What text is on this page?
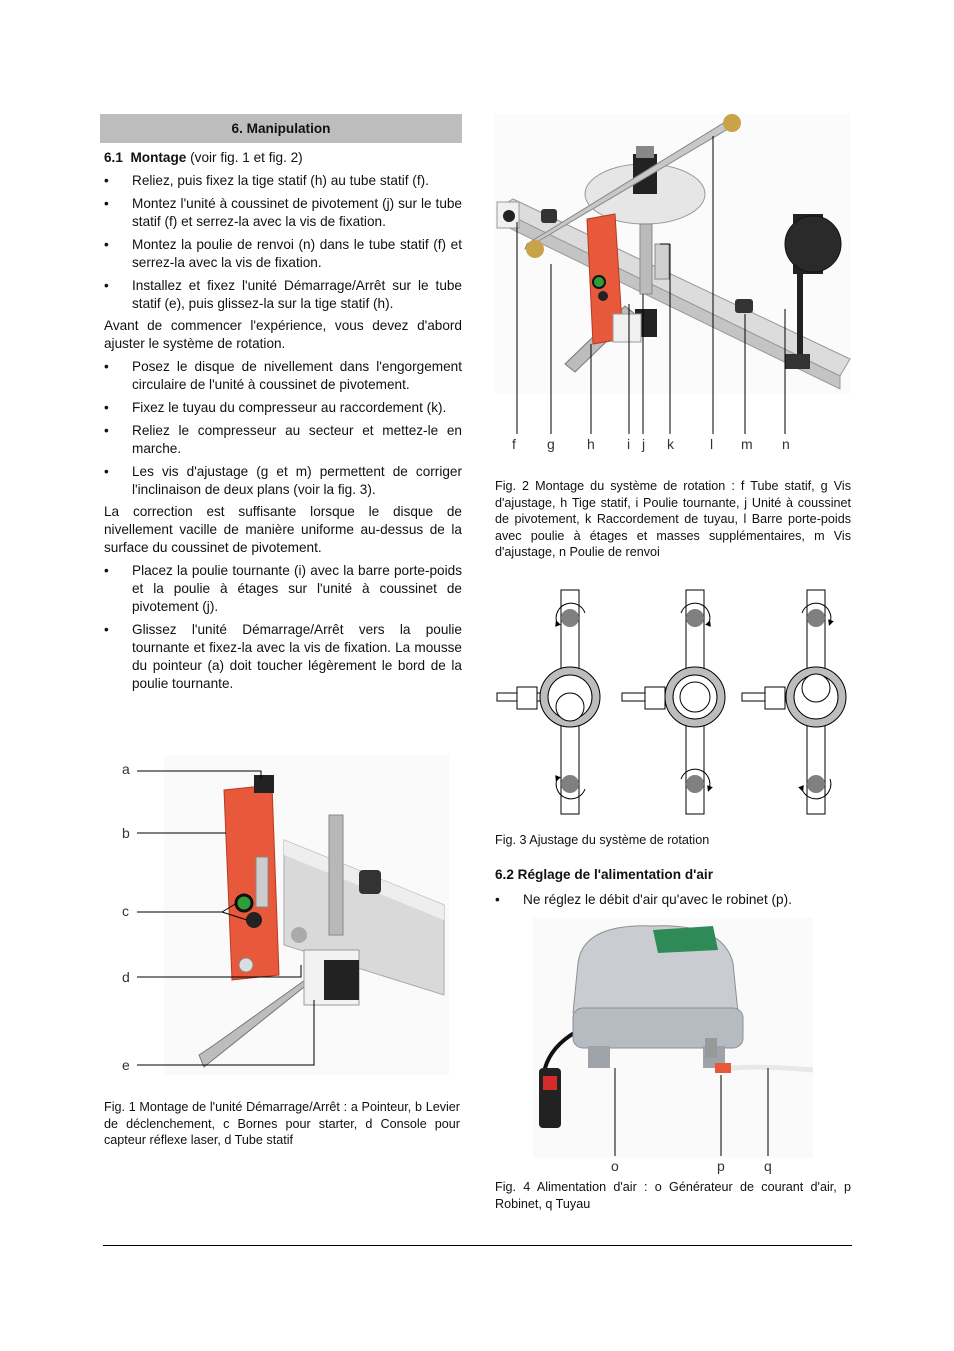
6. Manipulation

6.1 Montage (voir fig. 1 et fig. 2)

• Reliez, puis fixez la tige statif (h) au tube statif (f).
• Montez l'unité à coussinet de pivotement (j) sur le tube statif (f) et serrez-la avec la vis de fixation.
• Montez la poulie de renvoi (n) dans le tube statif (f) et serrez-la avec la vis de fixation.
• Installez et fixez l'unité Démarrage/Arrêt sur le tube statif (e), puis glissez-la sur la tige statif (h).

Avant de commencer l'expérience, vous devez d'abord ajuster le système de rotation.

• Posez le disque de nivellement dans l'engorgement circulaire de l'unité à coussinet de pivotement.
• Fixez le tuyau du compresseur au raccordement (k).
• Reliez le compresseur au secteur et mettez-le en marche.
• Les vis d'ajustage (g et m) permettent de corriger l'inclinaison de deux plans (voir la fig. 3).

La correction est suffisante lorsque le disque de nivellement vacille de manière uniforme au-dessus de la surface du coussinet de pivotement.

• Placez la poulie tournante (i) avec la barre porte-poids et la poulie à étages sur l'unité à coussinet de pivotement (j).
• Glissez l'unité Démarrage/Arrêt vers la poulie tournante et fixez-la avec la vis de fixation. La mousse du pointeur (a) doit toucher légèrement le bord de la poulie tournante.
a
b
c
d
e

Fig. 1 Montage de l'unité Démarrage/Arrêt : a Pointeur, b Levier de déclenchement, c Bornes pour starter, d Console pour capteur réflexe laser, d Tube statif

f g h i j k	l m n

Fig. 2 Montage du système de rotation : f Tube statif, g Vis d'ajustage, h Tige statif, i Poulie tournante, j Unité à coussinet de pivotement, k Raccordement de tuyau, l Barre porte-poids avec poulie à étages et masses supplémentaires, m Vis d'ajustage, n Poulie de renvoi

Fig. 3 Ajustage du système de rotation

6.2 Réglage de l'alimentation d'air

• Ne réglez le débit d'air qu'avec le robinet (p).
o	p	q

Fig. 4 Alimentation d'air : o Générateur de courant d'air, p Robinet, q Tuyau
